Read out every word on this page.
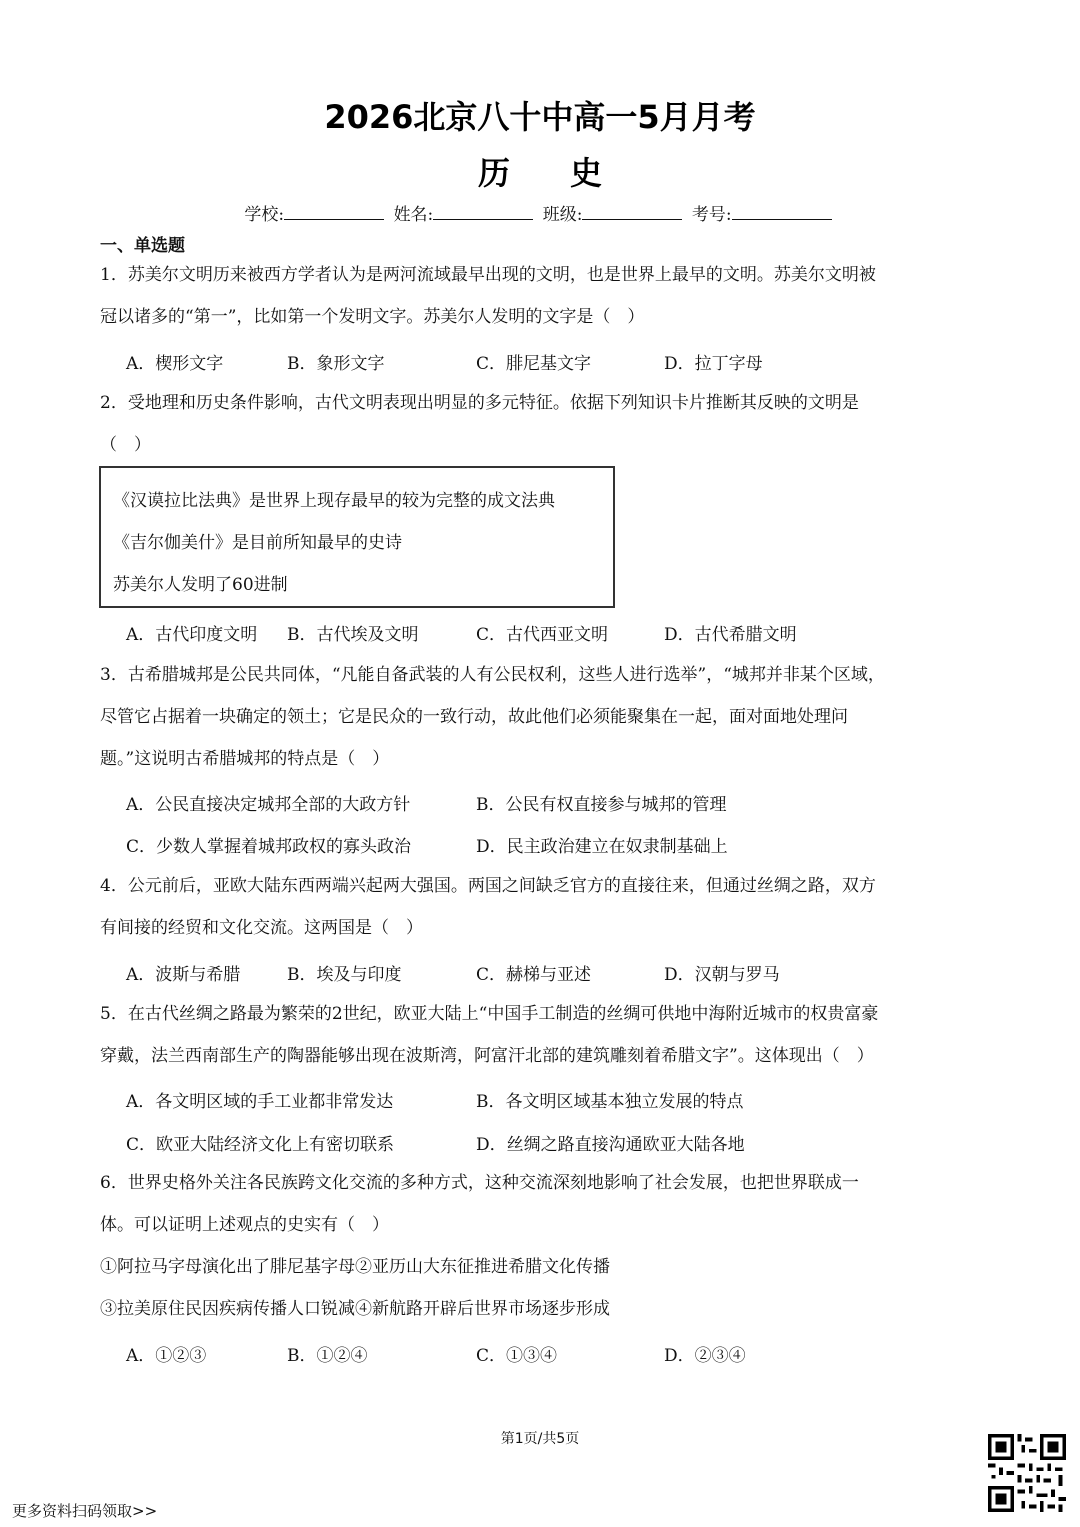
2026北京八十中高一5月月考
历史
学校:	姓名:	班级:	考号:
一、单选题
1．苏美尔文明历来被西方学者认为是两河流域最早出现的文明，也是世界上最早的文明。苏美尔文明被
冠以诸多的“第一”，比如第一个发明文字。苏美尔人发明的文字是（　）
A．楔形文字	B．象形文字	C．腓尼基文字	D．拉丁字母
2．受地理和历史条件影响，古代文明表现出明显的多元特征。依据下列知识卡片推断其反映的文明是
（　）
《汉谟拉比法典》是世界上现存最早的较为完整的成文法典
《吉尔伽美什》是目前所知最早的史诗
苏美尔人发明了60进制
A．古代印度文明 B．古代埃及文明	C．古代西亚文明	D．古代希腊文明
3．古希腊城邦是公民共同体，“凡能自备武装的人有公民权利，这些人进行选举”，“城邦并非某个区域，
尽管它占据着一块确定的领土；它是民众的一致行动，故此他们必须能聚集在一起，面对面地处理问
题。”这说明古希腊城邦的特点是（　）
A．公民直接决定城邦全部的大政方针	B．公民有权直接参与城邦的管理
C．少数人掌握着城邦政权的寡头政治	D．民主政治建立在奴隶制基础上
4．公元前后，亚欧大陆东西两端兴起两大强国。两国之间缺乏官方的直接往来，但通过丝绸之路，双方
有间接的经贸和文化交流。这两国是（　）
A．波斯与希腊	B．埃及与印度	C．赫梯与亚述	D．汉朝与罗马
5．在古代丝绸之路最为繁荣的2世纪，欧亚大陆上“中国手工制造的丝绸可供地中海附近城市的权贵富豪
穿戴，法兰西南部生产的陶器能够出现在波斯湾，阿富汗北部的建筑雕刻着希腊文字”。这体现出（　）
A．各文明区域的手工业都非常发达	B．各文明区域基本独立发展的特点
C．欧亚大陆经济文化上有密切联系	D．丝绸之路直接沟通欧亚大陆各地
6．世界史格外关注各民族跨文化交流的多种方式，这种交流深刻地影响了社会发展，也把世界联成一
体。可以证明上述观点的史实有（　）
①阿拉马字母演化出了腓尼基字母②亚历山大东征推进希腊文化传播
③拉美原住民因疾病传播人口锐减④新航路开辟后世界市场逐步形成
A．①②③	B．①②④	C．①③④	D．②③④
第1页/共5页
更多资料扫码领取>>
